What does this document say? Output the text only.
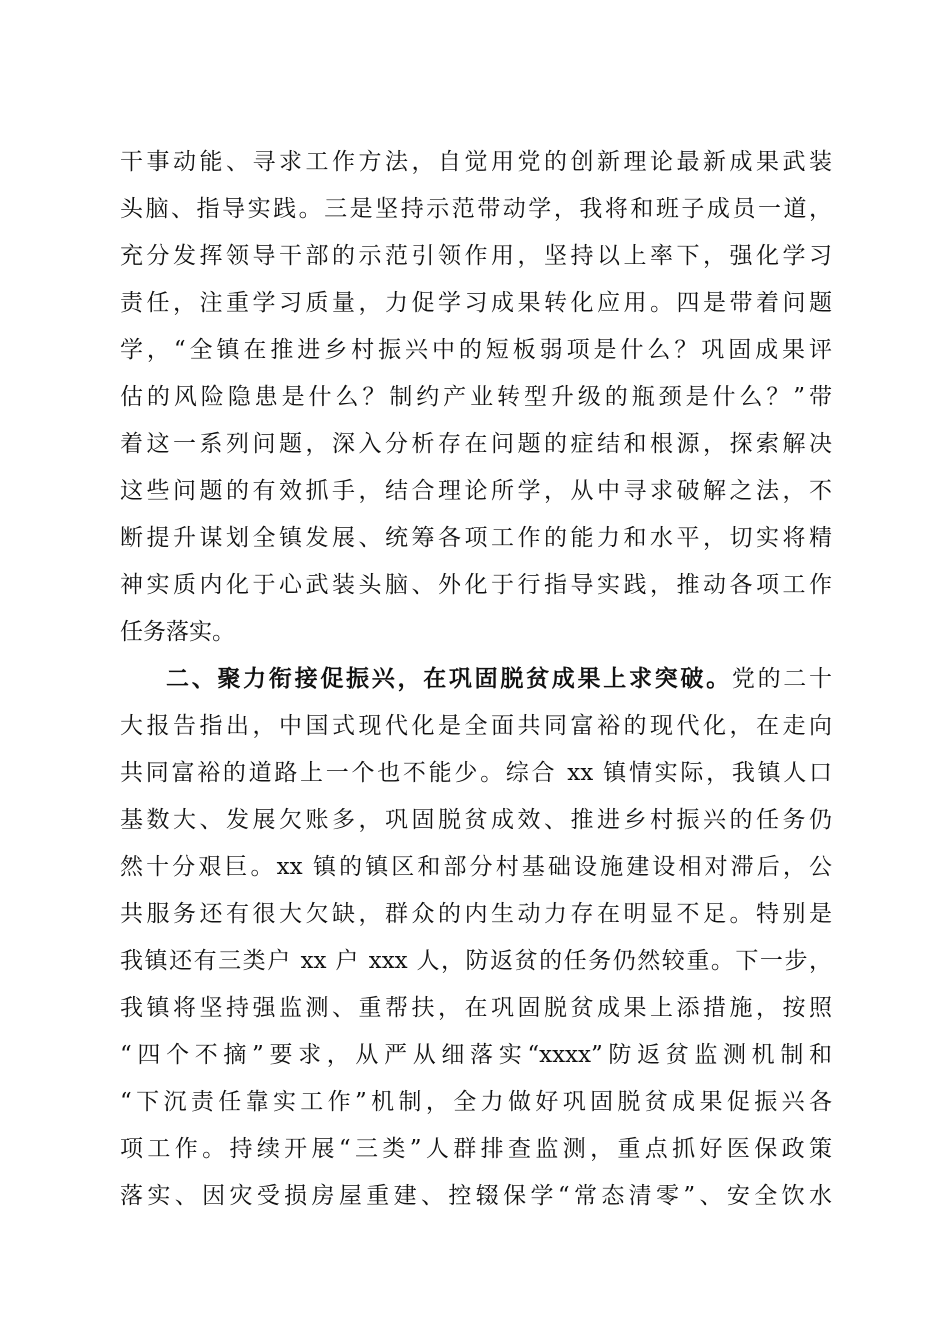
干事动能、寻求工作方法，自觉用党的创新理论最新成果武装
头脑、指导实践。三是坚持示范带动学，我将和班子成员一道，
充分发挥领导干部的示范引领作用，坚持以上率下，强化学习
责任，注重学习质量，力促学习成果转化应用。四是带着问题
学，“全镇在推进乡村振兴中的短板弱项是什么？巩固成果评
估的风险隐患是什么？制约产业转型升级的瓶颈是什么？”带
着这一系列问题，深入分析存在问题的症结和根源，探索解决
这些问题的有效抓手，结合理论所学，从中寻求破解之法，不
断提升谋划全镇发展、统筹各项工作的能力和水平，切实将精
神实质内化于心武装头脑、外化于行指导实践，推动各项工作
任务落实。
二、聚力衔接促振兴，在巩固脱贫成果上求突破。党的二十
大报告指出，中国式现代化是全面共同富裕的现代化，在走向
共同富裕的道路上一个也不能少。综合 xx 镇情实际，我镇人口
基数大、发展欠账多，巩固脱贫成效、推进乡村振兴的任务仍
然十分艰巨。xx 镇的镇区和部分村基础设施建设相对滞后，公
共服务还有很大欠缺，群众的内生动力存在明显不足。特别是
我镇还有三类户 xx 户 xxx 人，防返贫的任务仍然较重。下一步，
我镇将坚持强监测、重帮扶，在巩固脱贫成果上添措施，按照
“四个不摘”要求，从严从细落实“xxxx”防返贫监测机制和
“下沉责任靠实工作”机制，全力做好巩固脱贫成果促振兴各
项工作。持续开展“三类”人群排查监测，重点抓好医保政策
落实、因灾受损房屋重建、控辍保学“常态清零”、安全饮水
